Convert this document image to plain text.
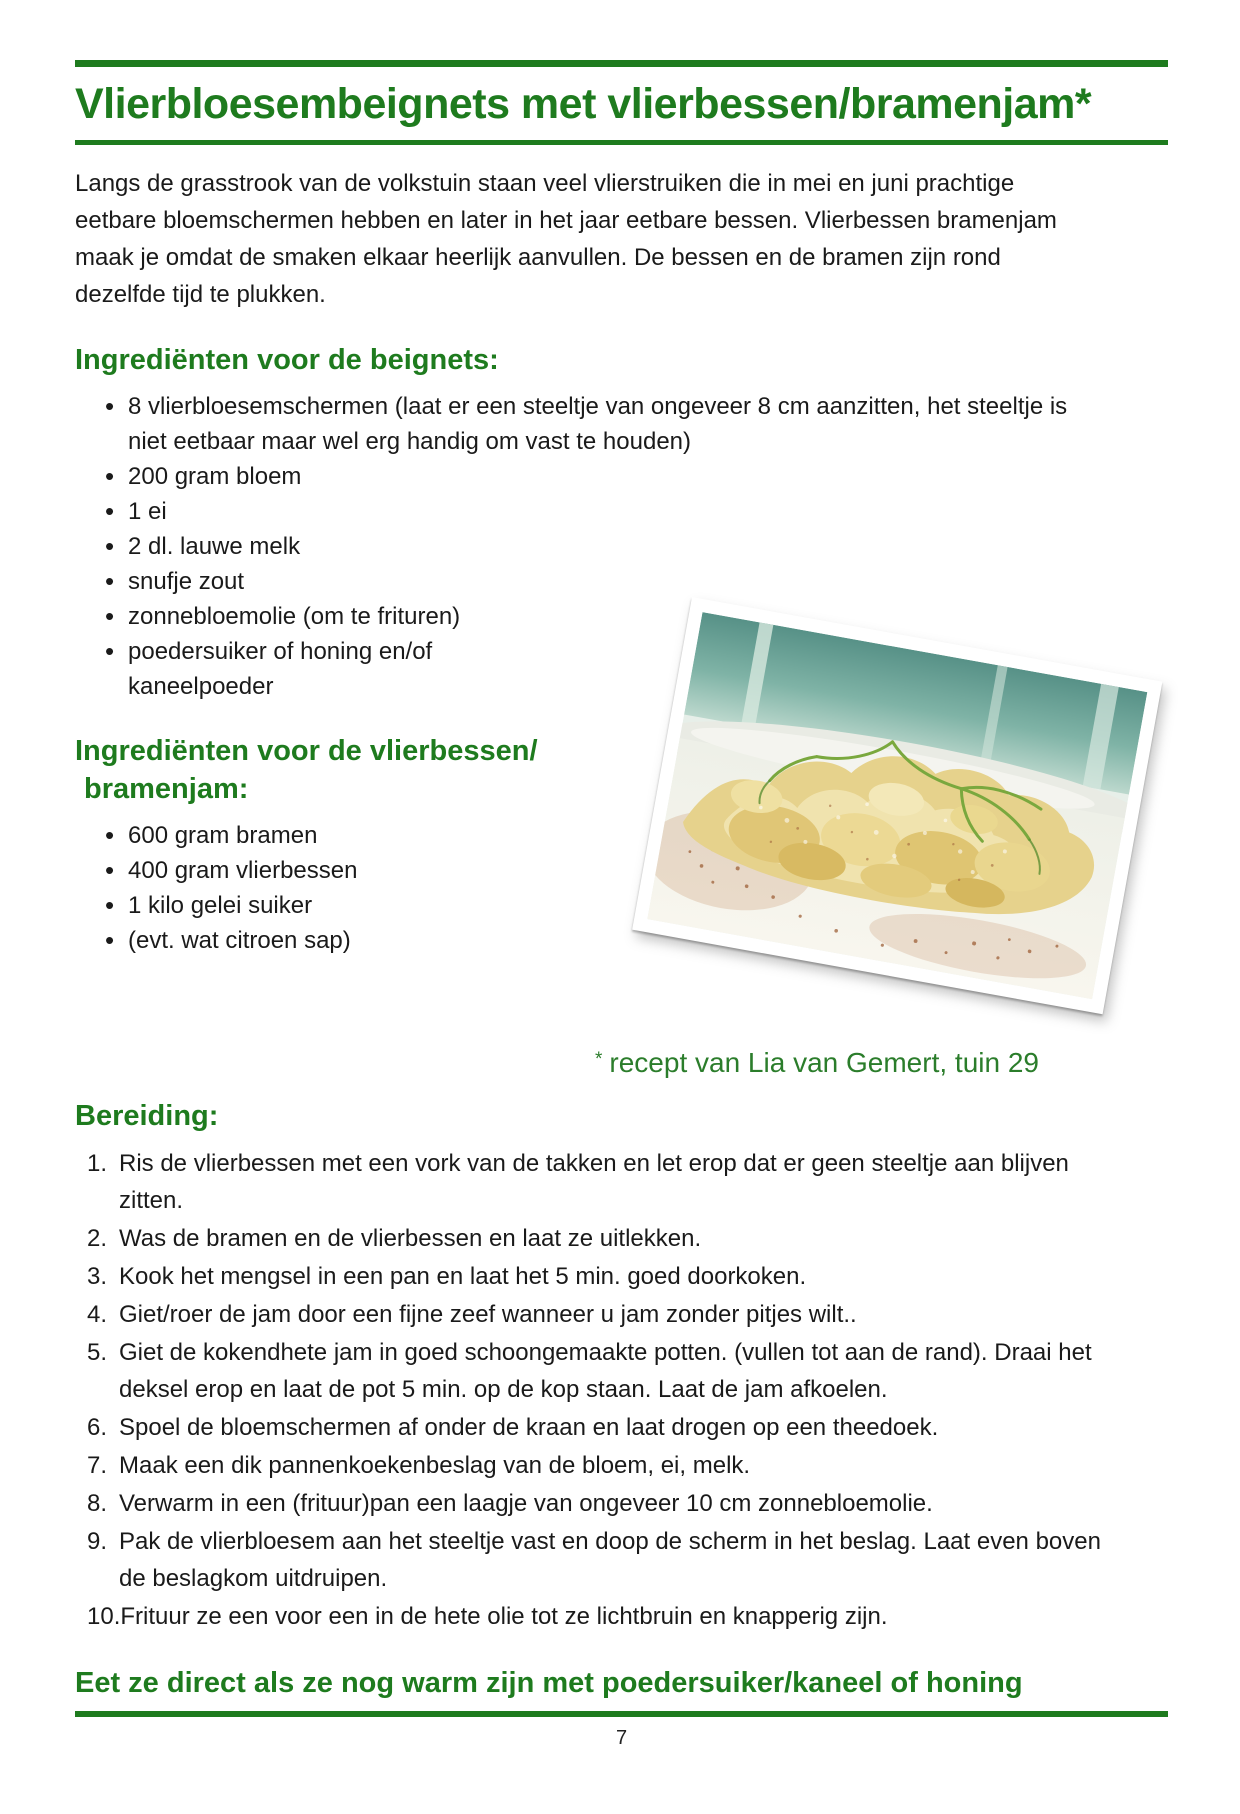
Vlierbloesembeignets met vlierbessen/bramenjam*

Langs de grasstrook van de volkstuin staan veel vlierstruiken die in mei en juni prachtige eetbare bloemschermen hebben en later in het jaar eetbare bessen. Vlierbessen bramenjam maak je omdat de smaken elkaar heerlijk aanvullen. De bessen en de bramen zijn rond dezelfde tijd te plukken.

Ingrediënten voor de beignets:
• 8 vlierbloesemschermen (laat er een steeltje van ongeveer 8 cm aanzitten, het steeltje is niet eetbaar maar wel erg handig om vast te houden)
• 200 gram bloem
• 1 ei
• 2 dl. lauwe melk
• snufje zout
• zonnebloemolie (om te frituren)
• poedersuiker of honing en/of kaneelpoeder
Ingrediënten voor de vlierbessen/
bramenjam:
• 600 gram bramen
• 400 gram vlierbessen
• 1 kilo gelei suiker
• (evt. wat citroen sap)
* recept van Lia van Gemert, tuin 29
Bereiding:
1. Ris de vlierbessen met een vork van de takken en let erop dat er geen steeltje aan blijven zitten.
2. Was de bramen en de vlierbessen en laat ze uitlekken.
3. Kook het mengsel in een pan en laat het 5 min. goed doorkoken.
4. Giet/roer de jam door een fijne zeef wanneer u jam zonder pitjes wilt..
5. Giet de kokendhete jam in goed schoongemaakte potten. (vullen tot aan de rand). Draai het deksel erop en laat de pot 5 min. op de kop staan. Laat de jam afkoelen.
6. Spoel de bloemschermen af onder de kraan en laat drogen op een theedoek.
7. Maak een dik pannenkoekenbeslag van de bloem, ei, melk.
8. Verwarm in een (frituur)pan een laagje van ongeveer 10 cm zonnebloemolie.
9. Pak de vlierbloesem aan het steeltje vast en doop de scherm in het beslag. Laat even boven de beslagkom uitdruipen.
10. Frituur ze een voor een in de hete olie tot ze lichtbruin en knapperig zijn.
Eet ze direct als ze nog warm zijn met poedersuiker/kaneel of honing
7
